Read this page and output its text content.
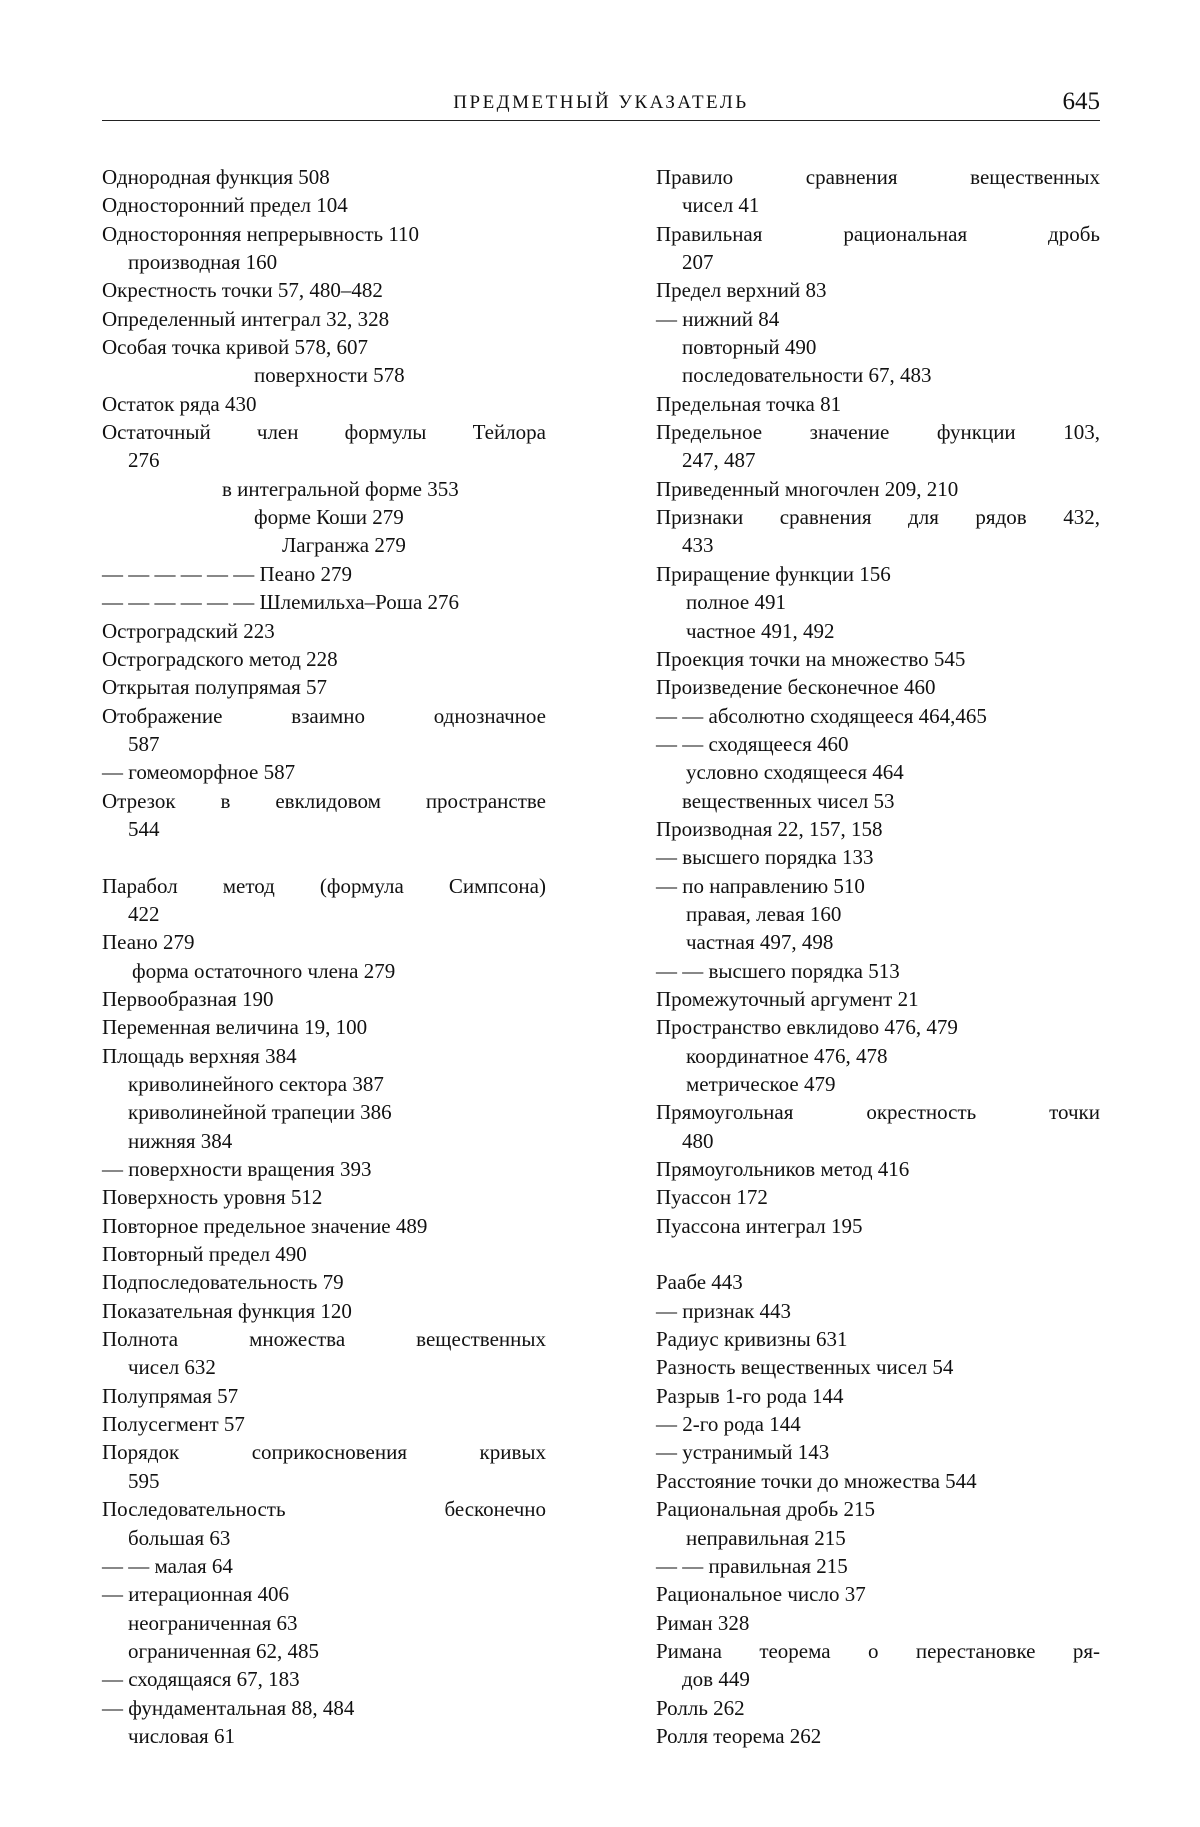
ПРЕДМЕТНЫЙ УКАЗАТЕЛЬ	645
Однородная функция 508
Односторонний предел 104
Односторонняя непрерывность 110
производная 160
Окрестность точки 57, 480–482
Определенный интеграл 32, 328
Особая точка кривой 578, 607
поверхности 578
Остаток ряда 430
Остаточный член формулы Тейлора
276
в интегральной форме 353
форме Коши 279
Лагранжа 279
— — — — — — Пеано 279
— — — — — — Шлемильха–Роша 276
Остроградский 223
Остроградского метод 228
Открытая полупрямая 57
Отображение взаимно однозначное
587
— гомеоморфное 587
Отрезок в евклидовом пространстве
544
Парабол метод (формула Симпсона)
422
Пеано 279
форма остаточного члена 279
Первообразная 190
Переменная величина 19, 100
Площадь верхняя 384
криволинейного сектора 387
криволинейной трапеции 386
нижняя 384
— поверхности вращения 393
Поверхность уровня 512
Повторное предельное значение 489
Повторный предел 490
Подпоследовательность 79
Показательная функция 120
Полнота множества вещественных
чисел 632
Полупрямая 57
Полусегмент 57
Порядок соприкосновения кривых
595
Последовательность бесконечно
большая 63
— — малая 64
— итерационная 406
неограниченная 63
ограниченная 62, 485
— сходящаяся 67, 183
— фундаментальная 88, 484
числовая 61
Правило сравнения вещественных
чисел 41
Правильная рациональная дробь
207
Предел верхний 83
— нижний 84
повторный 490
последовательности 67, 483
Предельная точка 81
Предельное значение функции 103,
247, 487
Приведенный многочлен 209, 210
Признаки сравнения для рядов 432,
433
Приращение функции 156
полное 491
частное 491, 492
Проекция точки на множество 545
Произведение бесконечное 460
— — абсолютно сходящееся 464,465
— — сходящееся 460
условно сходящееся 464
вещественных чисел 53
Производная 22, 157, 158
— высшего порядка 133
— по направлению 510
правая, левая 160
частная 497, 498
— — высшего порядка 513
Промежуточный аргумент 21
Пространство евклидово 476, 479
координатное 476, 478
метрическое 479
Прямоугольная окрестность точки
480
Прямоугольников метод 416
Пуассон 172
Пуассона интеграл 195
Раабе 443
— признак 443
Радиус кривизны 631
Разность вещественных чисел 54
Разрыв 1-го рода 144
— 2-го рода 144
— устранимый 143
Расстояние точки до множества 544
Рациональная дробь 215
неправильная 215
— — правильная 215
Рациональное число 37
Риман 328
Римана теорема о перестановке ря-
дов 449
Ролль 262
Ролля теорема 262
